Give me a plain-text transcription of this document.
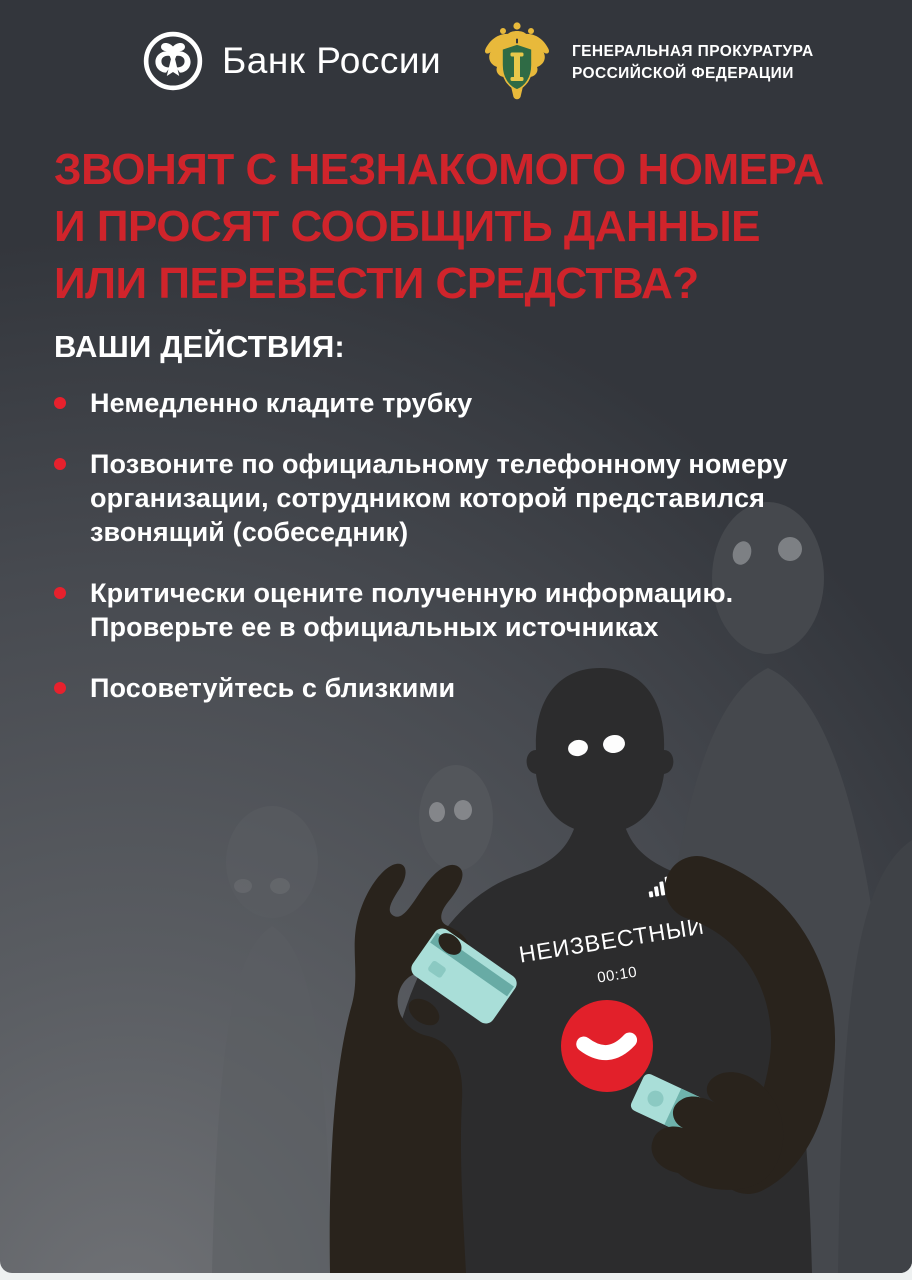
НЕИЗВЕСТНЫЙ
00:10
Банк России	ГЕНЕРАЛЬНАЯ ПРОКУРАТУРА
РОССИЙСКОЙ ФЕДЕРАЦИИ
ЗВОНЯТ С НЕЗНАКОМОГО НОМЕРА
И ПРОСЯТ СООБЩИТЬ ДАННЫЕ
ИЛИ ПЕРЕВЕСТИ СРЕДСТВА?
ВАШИ ДЕЙСТВИЯ:
Немедленно кладите трубку
Позвоните по официальному телефонному номеру организации, сотрудником которой представился звонящий (собеседник)
Критически оцените полученную информацию. Проверьте ее в официальных источниках
Посоветуйтесь с близкими
